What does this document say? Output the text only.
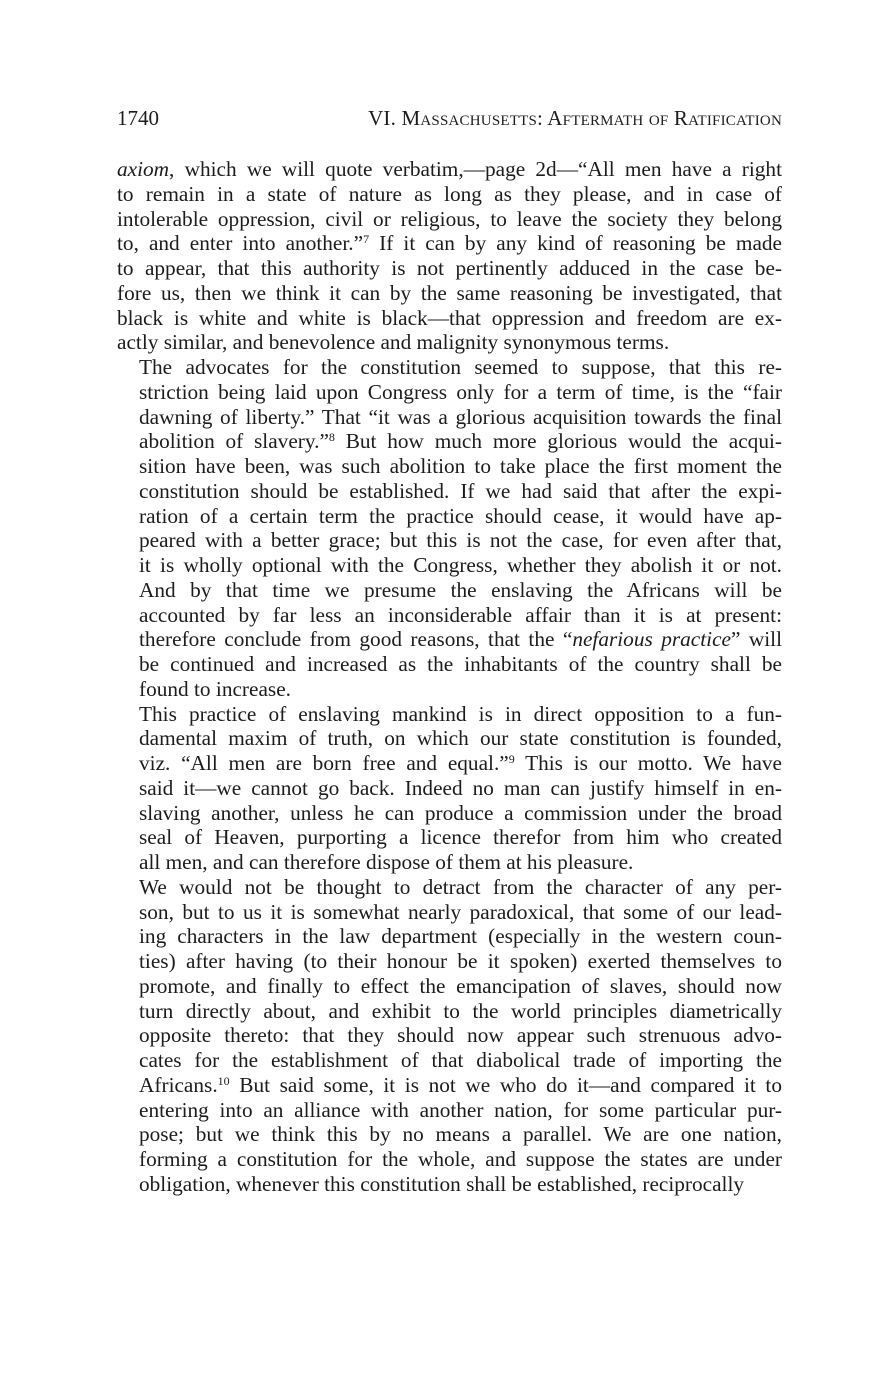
1740	VI. Massachusetts: Aftermath of Ratification
axiom, which we will quote verbatim,—page 2d—“All men have a right
to remain in a state of nature as long as they please, and in case of
intolerable oppression, civil or religious, to leave the society they belong
to, and enter into another.”$^7$ If it can by any kind of reasoning be made
to appear, that this authority is not pertinently adduced in the case be-
fore us, then we think it can by the same reasoning be investigated, that
black is white and white is black—that oppression and freedom are ex-
actly similar, and benevolence and malignity synonymous terms.
The advocates for the constitution seemed to suppose, that this re-
striction being laid upon Congress only for a term of time, is the “fair
dawning of liberty.” That “it was a glorious acquisition towards the final
abolition of slavery.”$^8$ But how much more glorious would the acqui-
sition have been, was such abolition to take place the first moment the
constitution should be established. If we had said that after the expi-
ration of a certain term the practice should cease, it would have ap-
peared with a better grace; but this is not the case, for even after that,
it is wholly optional with the Congress, whether they abolish it or not.
And by that time we presume the enslaving the Africans will be
accounted by far less an inconsiderable affair than it is at present:
therefore conclude from good reasons, that the “nefarious practice” will
be continued and increased as the inhabitants of the country shall be
found to increase.
This practice of enslaving mankind is in direct opposition to a fun-
damental maxim of truth, on which our state constitution is founded,
viz. “All men are born free and equal.”$^9$ This is our motto. We have
said it—we cannot go back. Indeed no man can justify himself in en-
slaving another, unless he can produce a commission under the broad
seal of Heaven, purporting a licence therefor from him who created
all men, and can therefore dispose of them at his pleasure.
We would not be thought to detract from the character of any per-
son, but to us it is somewhat nearly paradoxical, that some of our lead-
ing characters in the law department (especially in the western coun-
ties) after having (to their honour be it spoken) exerted themselves to
promote, and finally to effect the emancipation of slaves, should now
turn directly about, and exhibit to the world principles diametrically
opposite thereto: that they should now appear such strenuous advo-
cates for the establishment of that diabolical trade of importing the
Africans.$^{10}$ But said some, it is not we who do it—and compared it to
entering into an alliance with another nation, for some particular pur-
pose; but we think this by no means a parallel. We are one nation,
forming a constitution for the whole, and suppose the states are under
obligation, whenever this constitution shall be established, reciprocally
